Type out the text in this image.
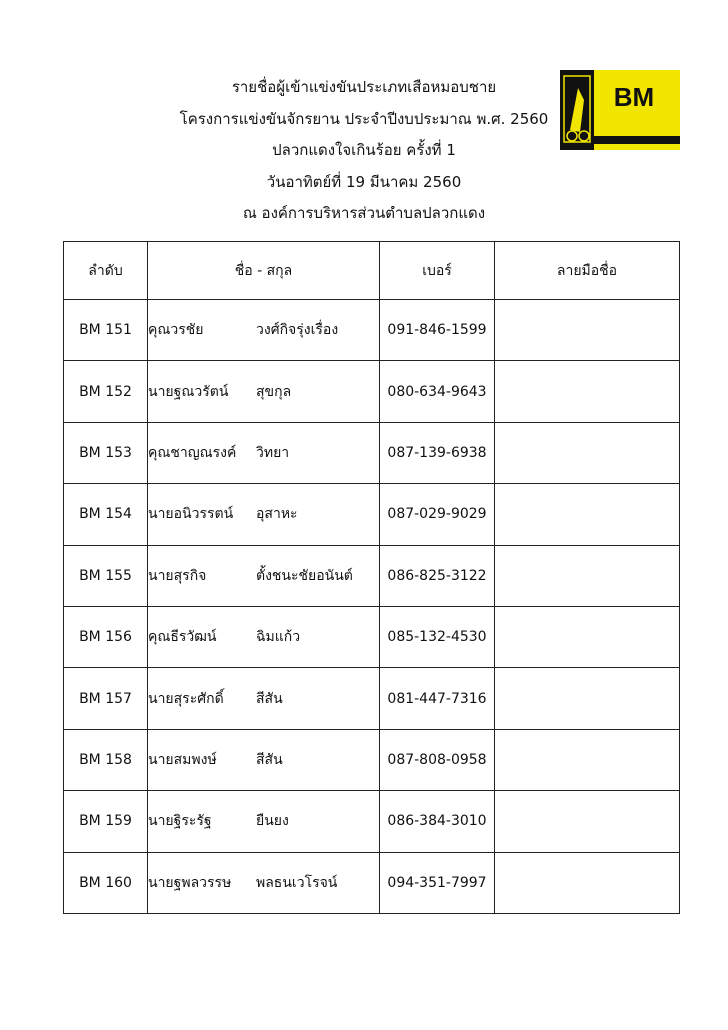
รายชื่อผู้เข้าแข่งขันประเภทเสือหมอบชาย
โครงการแข่งขันจักรยาน ประจำปีงบประมาณ พ.ศ. 2560
ปลวกแดงใจเกินร้อย ครั้งที่ 1
วันอาทิตย์ที่ 19 มีนาคม 2560
ณ องค์การบริหารส่วนตำบลปลวกแดง
BM
ลำดับ	ชื่อ - สกุล	เบอร์	ลายมือชื่อ
BM 151	คุณวรชัย วงศ์กิจรุ่งเรื่อง	091-846-1599	
BM 152	นายฐณวรัตน์ สุขกุล	080-634-9643	
BM 153	คุณชาญณรงค์ วิทยา	087-139-6938	
BM 154	นายอนิวรรตน์ อุสาหะ	087-029-9029	
BM 155	นายสุรกิจ ตั้งชนะชัยอนันต์	086-825-3122	
BM 156	คุณธีรวัฒน์ ฉิมแก้ว	085-132-4530	
BM 157	นายสุระศักดิ์ สีสัน	081-447-7316	
BM 158	นายสมพงษ์ สีสัน	087-808-0958	
BM 159	นายฐิระรัฐ ยืนยง	086-384-3010	
BM 160	นายฐพลวรรษ พลธนเวโรจน์	094-351-7997	
